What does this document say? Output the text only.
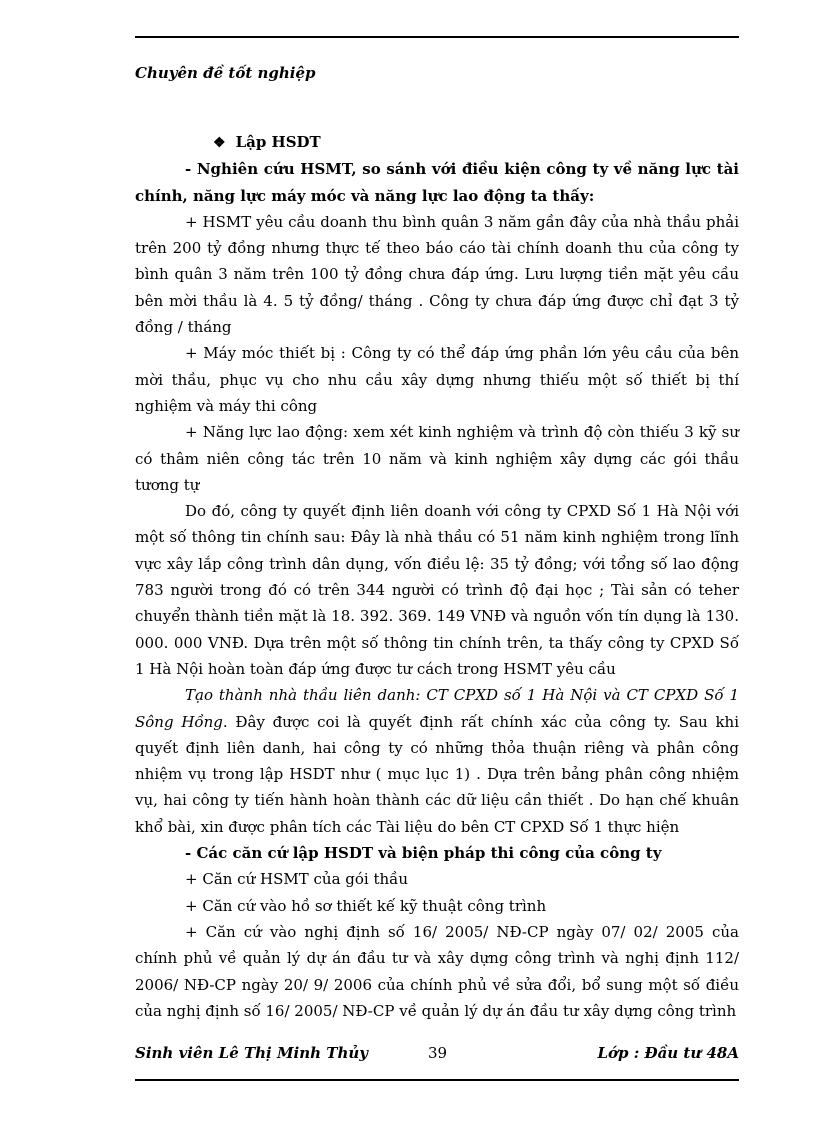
Chuyên đề tốt nghiệp
❖ Lập HSDT

- Nghiên cứu HSMT, so sánh với điều kiện công ty về năng lực tài chính, năng lực máy móc và năng lực lao động ta thấy:

+ HSMT yêu cầu doanh thu bình quân 3 năm gần đây của nhà thầu phải trên 200 tỷ đồng nhưng thực tế theo báo cáo tài chính doanh thu của công ty bình quân 3 năm trên 100 tỷ đồng chưa đáp ứng. Lưu lượng tiền mặt yêu cầu bên mời thầu là 4. 5 tỷ đồng/ tháng . Công ty chưa đáp ứng được chỉ đạt 3 tỷ đồng / tháng

+ Máy móc thiết bị : Công ty có thể đáp ứng phần lớn yêu cầu của bên mời thầu, phục vụ cho nhu cầu xây dựng nhưng thiếu một số thiết bị thí nghiệm và máy thi công

+ Năng lực lao động: xem xét kinh nghiệm và trình độ còn thiếu 3 kỹ sư có thâm niên công tác trên 10 năm và kinh nghiệm xây dựng các gói thầu tương tự

Do đó, công ty quyết định liên doanh với công ty CPXD Số 1 Hà Nội với một số thông tin chính sau: Đây là nhà thầu có 51 năm kinh nghiệm trong lĩnh vực xây lắp công trình dân dụng, vốn điều lệ: 35 tỷ đồng; với tổng số lao động 783 người trong đó có trên 344 người có trình độ đại học ; Tài sản có teher chuyển thành tiền mặt là 18. 392. 369. 149 VNĐ và nguồn vốn tín dụng là 130. 000. 000 VNĐ. Dựa trên một số thông tin chính trên, ta thấy công ty CPXD Số 1 Hà Nội hoàn toàn đáp ứng được tư cách trong HSMT yêu cầu

Tạo thành nhà thầu liên danh: CT CPXD số 1 Hà Nội và CT CPXD Số 1 Sông Hồng. Đây được coi là quyết định rất chính xác của công ty. Sau khi quyết định liên danh, hai công ty có những thỏa thuận riêng và phân công nhiệm vụ trong lập HSDT như ( mục lục 1) . Dựa trên bảng phân công nhiệm vụ, hai công ty tiến hành hoàn thành các dữ liệu cần thiết . Do hạn chế khuân khổ bài, xin được phân tích các Tài liệu do bên CT CPXD Số 1 thực hiện

- Các căn cứ lập HSDT và biện pháp thi công của công ty

+ Căn cứ HSMT của gói thầu

+ Căn cứ vào hồ sơ thiết kế kỹ thuật công trình

+ Căn cứ vào nghị định số 16/ 2005/ NĐ-CP ngày 07/ 02/ 2005 của chính phủ về quản lý dự án đầu tư và xây dựng công trình và nghị định 112/ 2006/ NĐ-CP ngày 20/ 9/ 2006 của chính phủ về sửa đổi, bổ sung một số điều của nghị định số 16/ 2005/ NĐ-CP về quản lý dự án đầu tư xây dựng công trình

Sinh viên Lê Thị Minh Thủy	39	Lớp : Đầu tư 48A
